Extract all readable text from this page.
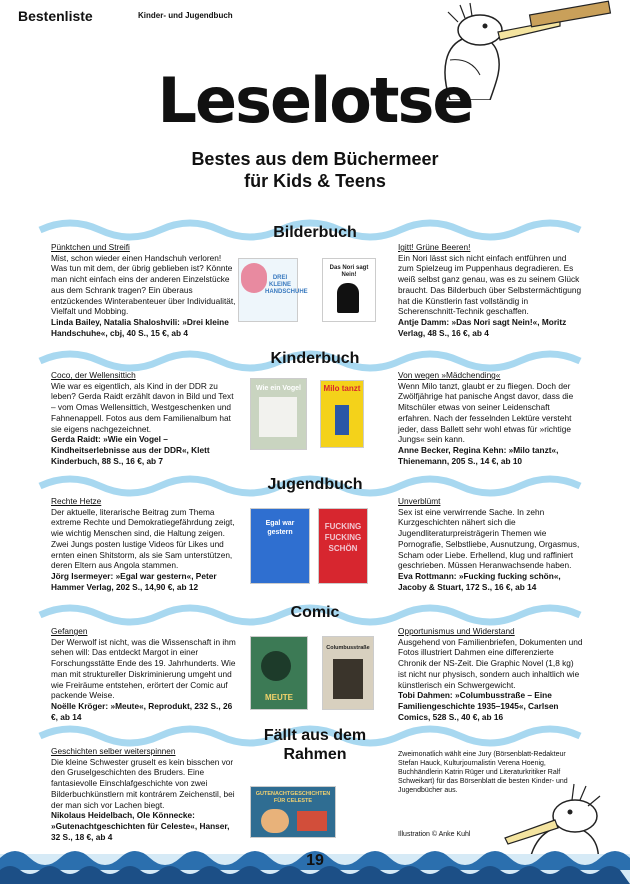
Bestenliste	Kinder- und Jugendbuch
Leselotse
Bestes aus dem Büchermeer
für Kids & Teens
Bilderbuch
Pünktchen und Streifi
Mist, schon wieder einen Handschuh verloren! Was tun mit dem, der übrig geblieben ist? Könnte man nicht einfach eins der anderen Einzelstücke aus dem Schrank tragen? Ein überaus entzückendes Winterabenteuer über Individualität, Vielfalt und Mobbing.
Linda Bailey, Natalia Shaloshvili: »Drei kleine Handschuhe«, cbj, 40 S., 15 €, ab 4
DREI KLEINE HANDSCHUHE
Das Nori sagt Nein!
Igitt! Grüne Beeren!
Ein Nori lässt sich nicht einfach entführen und zum Spielzeug im Puppenhaus degradieren. Es weiß selbst ganz genau, was es zu seinem Glück braucht. Das Bilderbuch über Selbstermächtigung hat die Künstlerin fast vollständig in Scherenschnitt-Technik geschaffen.
Antje Damm: »Das Nori sagt Nein!«, Moritz Verlag, 48 S., 16 €, ab 4
Kinderbuch
Coco, der Wellensittich
Wie war es eigentlich, als Kind in der DDR zu leben? Gerda Raidt erzählt davon in Bild und Text – vom Omas Wellensittich, Westgeschenken und Fahnenappell. Fotos aus dem Familienalbum hat sie eigens nachgezeichnet.
Gerda Raidt: »Wie ein Vogel – Kindheitserlebnisse aus der DDR«, Klett Kinderbuch, 88 S., 16 €, ab 7
Wie ein Vogel	Milo tanzt
Von wegen »Mädchending«
Wenn Milo tanzt, glaubt er zu fliegen. Doch der Zwölfjährige hat panische Angst davor, dass die Mitschüler etwas von seiner Leidenschaft erfahren. Nach der fesselnden Lektüre versteht jeder, dass Ballett sehr wohl etwas für »richtige Jungs« sein kann.
Anne Becker, Regina Kehn: »Milo tanzt«, Thienemann, 205 S., 14 €, ab 10
Jugendbuch
Rechte Hetze
Der aktuelle, literarische Beitrag zum Thema extreme Rechte und Demokratiegefährdung zeigt, wie wichtig Menschen sind, die Haltung zeigen. Zwei Jungs posten lustige Videos für Likes und ernten einen Shitstorm, als sie Sam unterstützen, deren Eltern aus Angola stammen.
Jörg Isermeyer: »Egal war gestern«, Peter Hammer Verlag, 202 S., 14,90 €, ab 12
Egal war gestern
FUCKING FUCKING SCHÖN
Unverblümt
Sex ist eine verwirrende Sache. In zehn Kurzgeschichten nähert sich die Jugendliteraturpreisträgerin Themen wie Pornografie, Selbstliebe, Ausnutzung, Orgasmus, Scham oder Liebe. Erhellend, klug und raffiniert geschrieben. Müssen Heranwachsende haben.
Eva Rottmann: »Fucking fucking schön«, Jacoby & Stuart, 172 S., 16 €, ab 14
Comic
Gefangen
Der Werwolf ist nicht, was die Wissenschaft in ihm sehen will: Das entdeckt Margot in einer Forschungsstätte Ende des 19. Jahrhunderts. Wie man mit struktureller Diskriminierung umgeht und wie Freiräume entstehen, erörtert der Comic auf packende Weise.
Noëlle Kröger: »Meute«, Reprodukt, 232 S., 26 €, ab 14
MEUTE
Columbusstraße
Opportunismus und Widerstand
Ausgehend von Familienbriefen, Dokumenten und Fotos illustriert Dahmen eine differenzierte Chronik der NS-Zeit. Die Graphic Novel (1,8 kg) ist nicht nur physisch, sondern auch inhaltlich wie künstlerisch ein Schwergewicht.
Tobi Dahmen: »Columbusstraße – Eine Familiengeschichte 1935–1945«, Carlsen Comics, 528 S., 40 €, ab 16
Fällt aus dem
Rahmen
Geschichten selber weiterspinnen
Die kleine Schwester gruselt es kein bisschen vor den Gruselgeschichten des Bruders. Eine fantasievolle Einschlafgeschichte von zwei Bilderbuchkünstlern mit kontrárem Zeichenstil, bei der man sich vor Lachen biegt.
Nikolaus Heidelbach, Ole Könnecke: »Gutenachtgeschichten für Celeste«, Hanser, 32 S., 18 €, ab 4
GUTENACHTGESCHICHTEN FÜR CELESTE
Zweimonatlich wählt eine Jury (Börsenblatt-Redakteur Stefan Hauck, Kulturjournalistin Verena Hoenig, Buchhändlerin Katrin Rüger und Literaturkritiker Ralf Schweikart) für das Börsenblatt die besten Kinder- und Jugendbücher aus.
Illustration © Anke Kuhl
19
